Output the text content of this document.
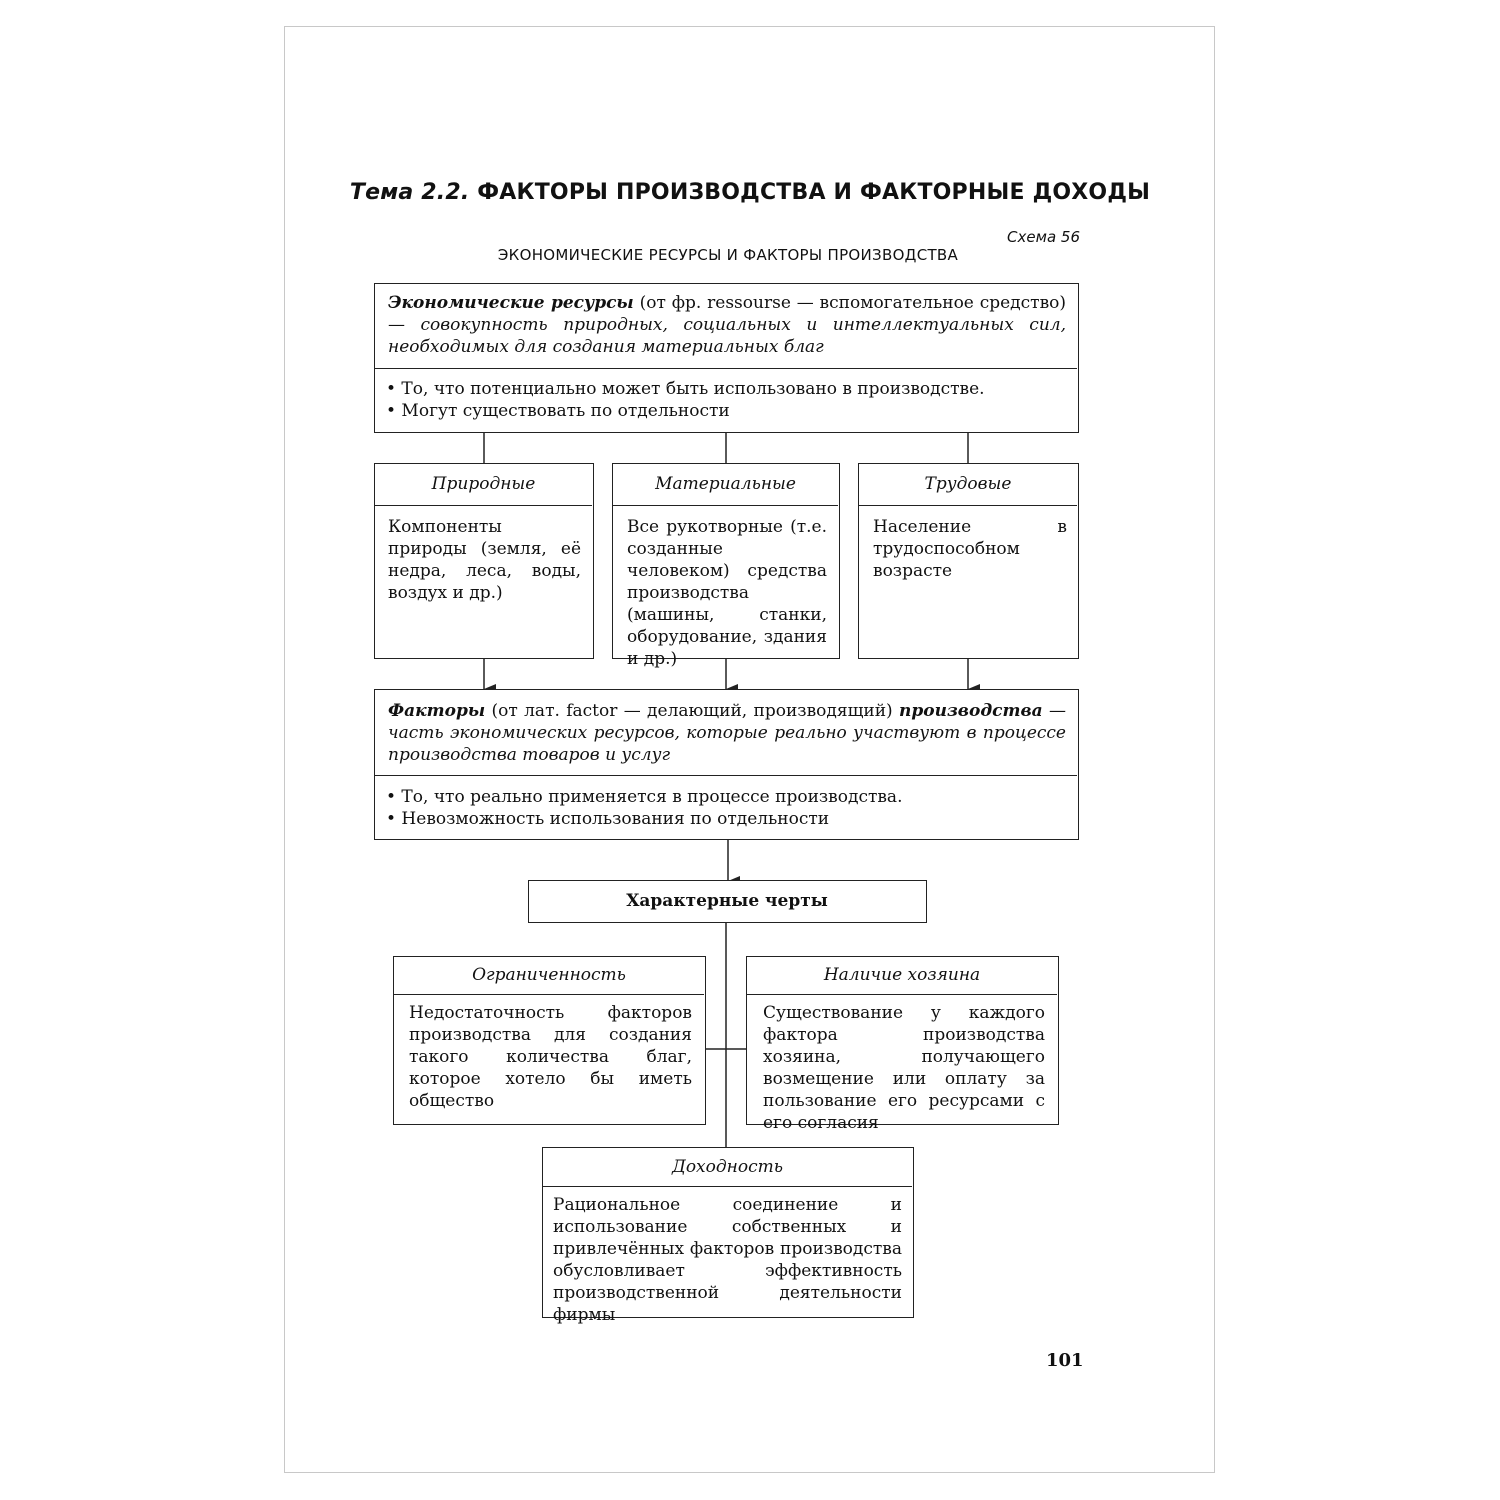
Тема 2.2. ФАКТОРЫ ПРОИЗВОДСТВА И ФАКТОРНЫЕ ДОХОДЫ
Схема 56
ЭКОНОМИЧЕСКИЕ РЕСУРСЫ И ФАКТОРЫ ПРОИЗВОДСТВА
Экономические ресурсы (от фр. ressourse — вспомогательное средство) — совокупность природных, социальных и интеллектуальных сил, необходимых для создания материальных благ
• То, что потенциально может быть использовано в производстве.
• Могут существовать по отдельности
Природные
Компоненты природы (земля, её недра, леса, воды, воздух и др.)
Материальные
Все рукотворные (т.е. созданные человеком) средства производства (машины, станки, оборудование, здания и др.)
Трудовые
Население в трудоспособном возрасте
Факторы (от лат. factor — делающий, производящий) производства — часть экономических ресурсов, которые реально участвуют в процессе производства товаров и услуг
• То, что реально применяется в процессе производства.
• Невозможность использования по отдельности
Характерные черты
Ограниченность
Недостаточность факторов производства для создания такого количества благ, которое хотело бы иметь общество
Наличие хозяина
Существование у каждого фактора производства хозяина, получающего возмещение или оплату за пользование его ресурсами с его согласия
Доходность
Рациональное соединение и использование собственных и привлечённых факторов производства обусловливает эффективность производственной деятельности фирмы
101
